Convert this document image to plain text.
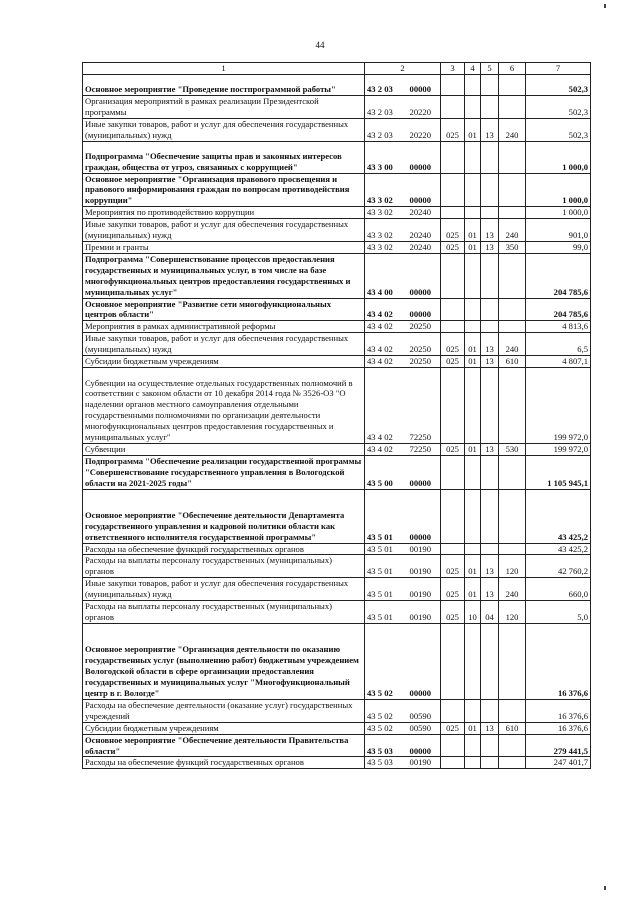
44
1	2		3	4	5	6	7
Основное мероприятие "Проведение постпрограммной работы"	43 2 03	00000					502,3
Организация мероприятий в рамках реализации Президентской программы	43 2 03	20220					502,3
Иные закупки товаров, работ и услуг для обеспечения государственных (муниципальных) нужд	43 2 03	20220	025	01	13	240	502,3
Подпрограмма "Обеспечение защиты прав и законных интересов граждан, общества от угроз, связанных с коррупцией"	43 3 00	00000					1 000,0
Основное мероприятие "Организация правового просвещения и правового информирования граждан по вопросам противодействия коррупции"	43 3 02	00000					1 000,0
Мероприятия по противодействию коррупции	43 3 02	20240					1 000,0
Иные закупки товаров, работ и услуг для обеспечения государственных (муниципальных) нужд	43 3 02	20240	025	01	13	240	901,0
Премии и гранты	43 3 02	20240	025	01	13	350	99,0
Подпрограмма "Совершенствование процессов предоставления государственных и муниципальных услуг, в том числе на базе многофункциональных центров предоставления государственных и муниципальных услуг"	43 4 00	00000					204 785,6
Основное мероприятие "Развитие сети многофункциональных центров области"	43 4 02	00000					204 785,6
Мероприятия в рамках административной реформы	43 4 02	20250					4 813,6
Иные закупки товаров, работ и услуг для обеспечения государственных (муниципальных) нужд	43 4 02	20250	025	01	13	240	6,5
Субсидии бюджетным учреждениям	43 4 02	20250	025	01	13	610	4 807,1
Субвенции на осуществление отдельных государственных полномочий в соответствии с законом области от 10 декабря 2014 года № 3526-ОЗ "О наделении органов местного самоуправления отдельными государственными полномочиями по организации деятельности многофункциональных центров предоставления государственных и муниципальных услуг"	43 4 02	72250					199 972,0
Субвенции	43 4 02	72250	025	01	13	530	199 972,0
Подпрограмма "Обеспечение реализации государственной программы "Совершенствование государственного управления в Вологодской области на 2021-2025 годы"	43 5 00	00000					1 105 945,1
Основное мероприятие "Обеспечение деятельности Департамента государственного управления и кадровой политики области как ответственного исполнителя государственной программы"	43 5 01	00000					43 425,2
Расходы на обеспечение функций государственных органов	43 5 01	00190					43 425,2
Расходы на выплаты персоналу государственных (муниципальных) органов	43 5 01	00190	025	01	13	120	42 760,2
Иные закупки товаров, работ и услуг для обеспечения государственных (муниципальных) нужд	43 5 01	00190	025	01	13	240	660,0
Расходы на выплаты персоналу государственных (муниципальных) органов	43 5 01	00190	025	10	04	120	5,0
Основное мероприятие "Организация деятельности по оказанию государственных услуг (выполнению работ) бюджетным учреждением Вологодской области в сфере организации предоставления государственных и муниципальных услуг "Многофункциональный центр в г. Вологде"	43 5 02	00000					16 376,6
Расходы на обеспечение деятельности (оказание услуг) государственных учреждений	43 5 02	00590					16 376,6
Субсидии бюджетным учреждениям	43 5 02	00590	025	01	13	610	16 376,6
Основное мероприятие "Обеспечение деятельности Правительства области"	43 5 03	00000					279 441,5
Расходы на обеспечение функций государственных органов	43 5 03	00190					247 401,7
